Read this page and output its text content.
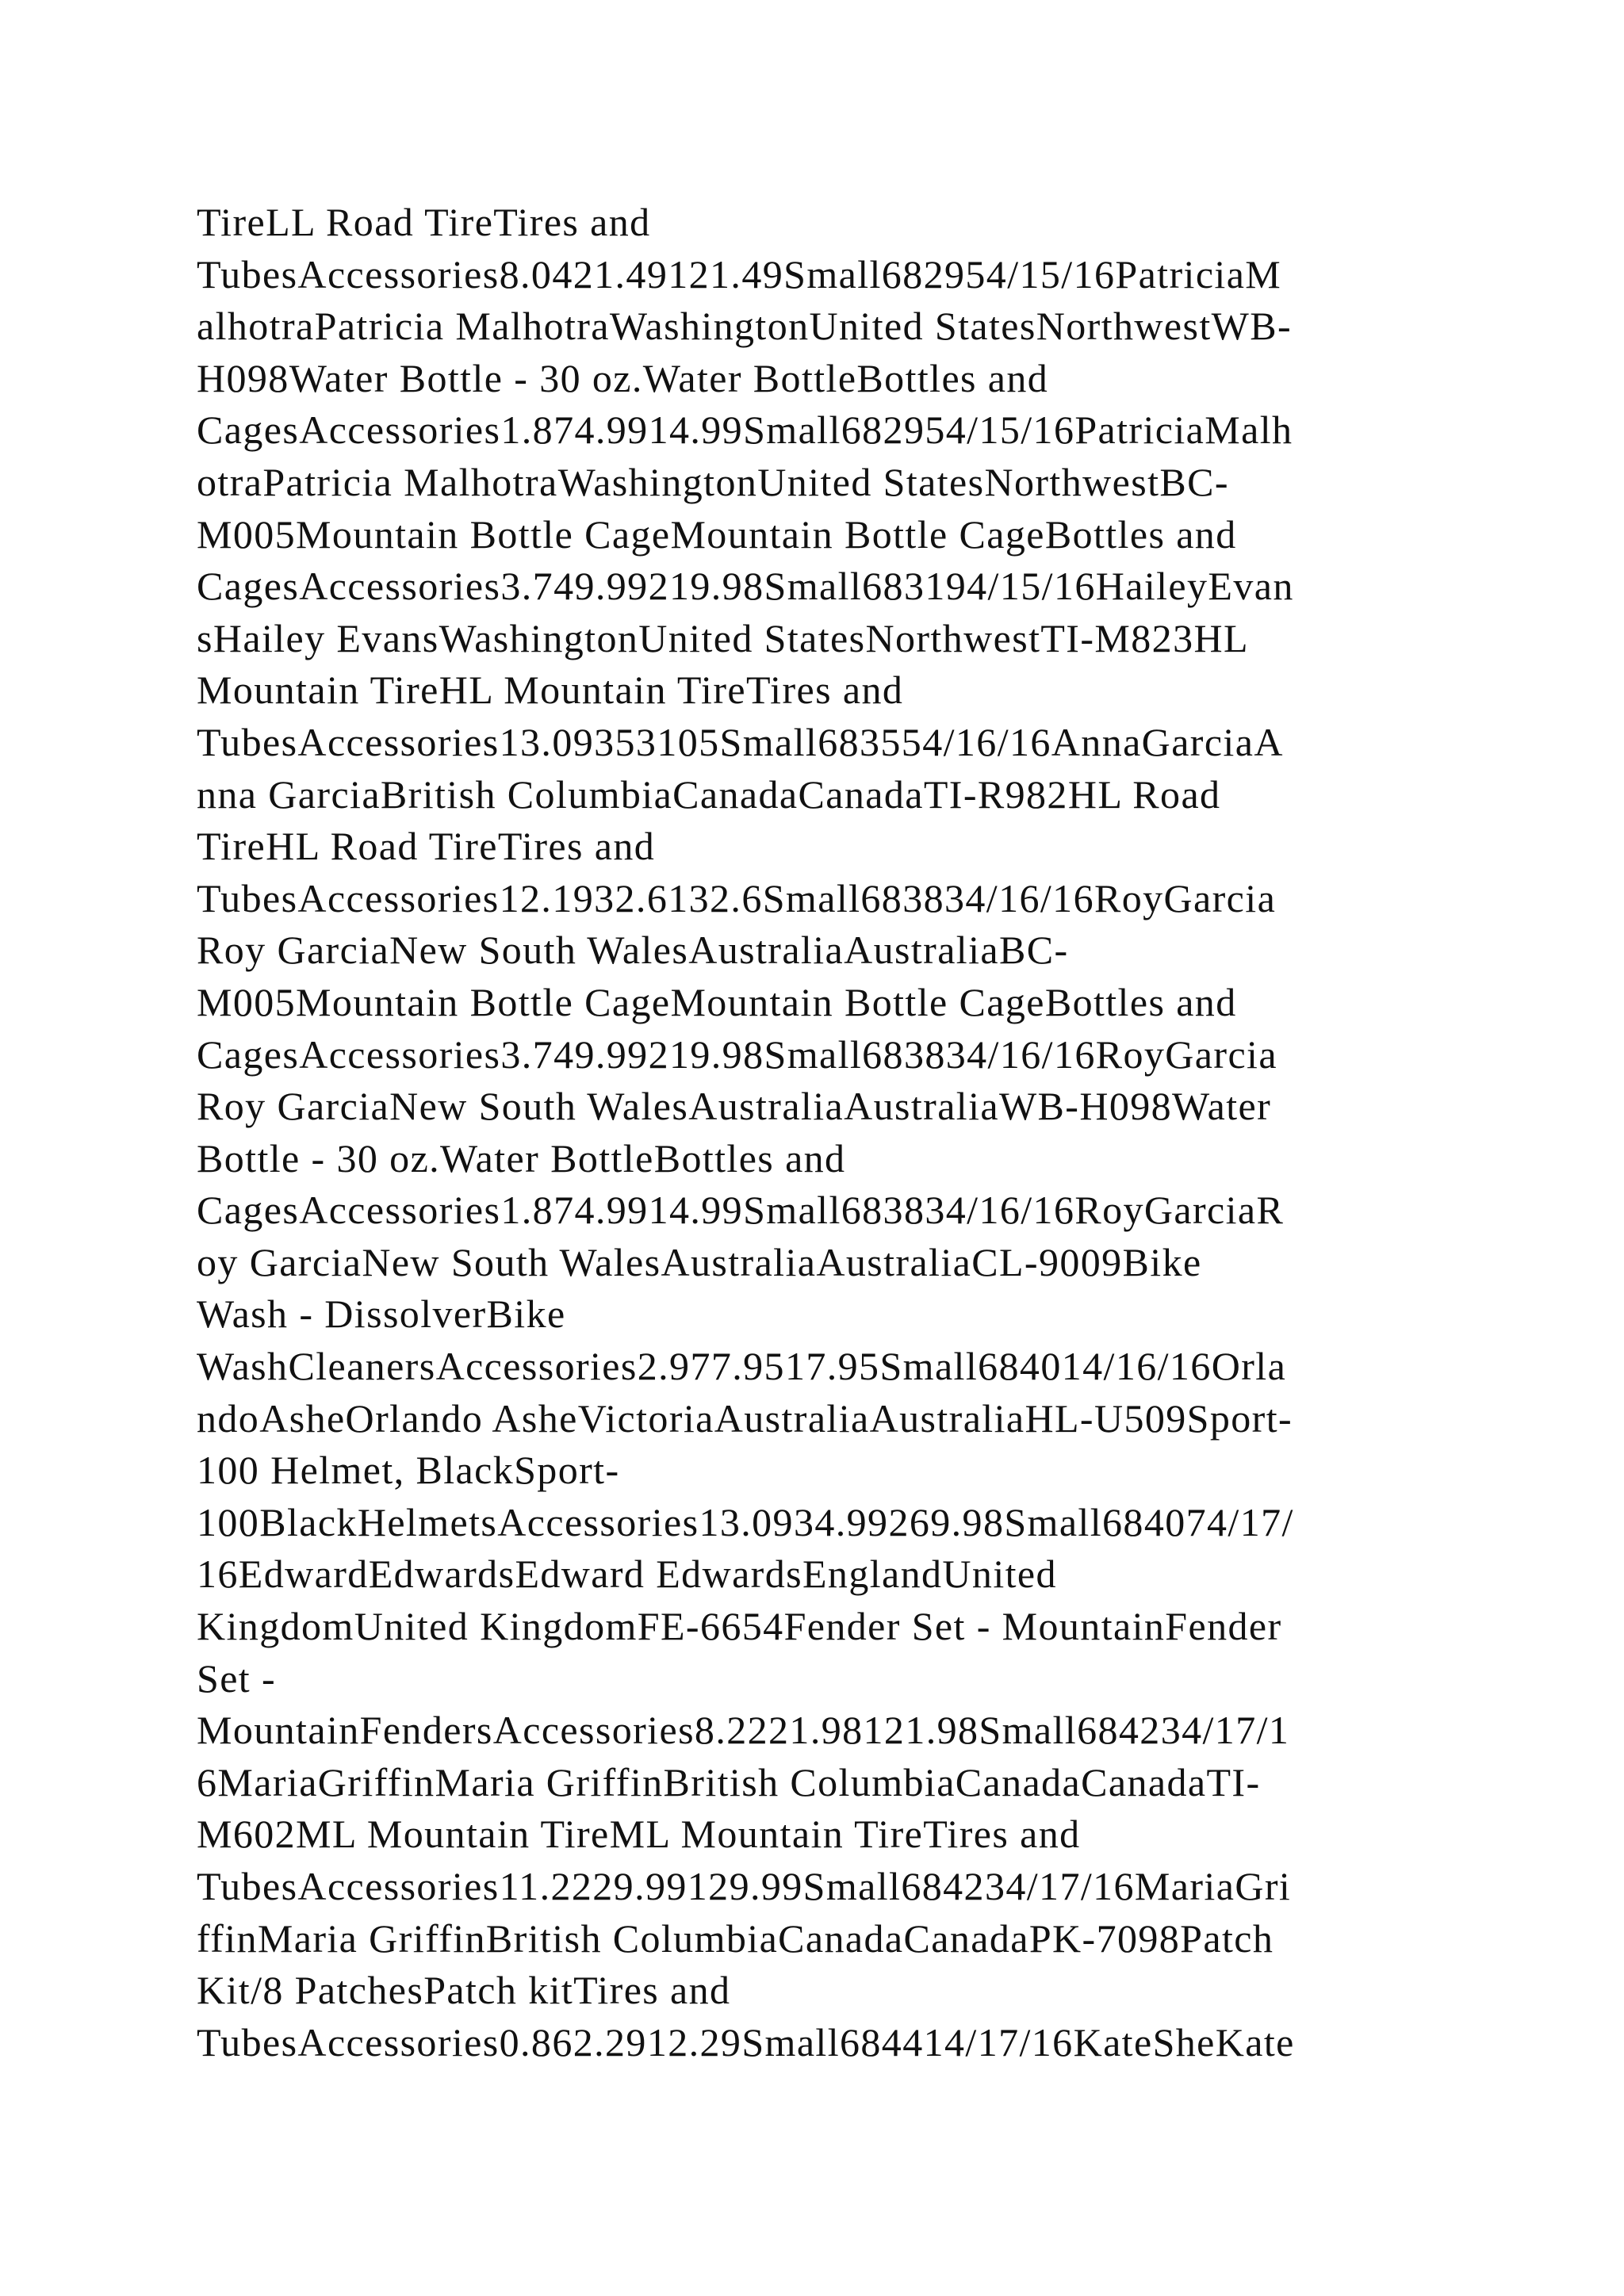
TireLL Road TireTires and
TubesAccessories8.0421.49121.49Small682954/15/16PatriciaM
alhotraPatricia MalhotraWashingtonUnited StatesNorthwestWB-
H098Water Bottle - 30 oz.Water BottleBottles and
CagesAccessories1.874.9914.99Small682954/15/16PatriciaMalh
otraPatricia MalhotraWashingtonUnited StatesNorthwestBC-
M005Mountain Bottle CageMountain Bottle CageBottles and
CagesAccessories3.749.99219.98Small683194/15/16HaileyEvan
sHailey EvansWashingtonUnited StatesNorthwestTI-M823HL
Mountain TireHL Mountain TireTires and
TubesAccessories13.09353105Small683554/16/16AnnaGarciaA
nna GarciaBritish ColumbiaCanadaCanadaTI-R982HL Road
TireHL Road TireTires and
TubesAccessories12.1932.6132.6Small683834/16/16RoyGarcia
Roy GarciaNew South WalesAustraliaAustraliaBC-
M005Mountain Bottle CageMountain Bottle CageBottles and
CagesAccessories3.749.99219.98Small683834/16/16RoyGarcia
Roy GarciaNew South WalesAustraliaAustraliaWB-H098Water
Bottle - 30 oz.Water BottleBottles and
CagesAccessories1.874.9914.99Small683834/16/16RoyGarciaR
oy GarciaNew South WalesAustraliaAustraliaCL-9009Bike
Wash - DissolverBike
WashCleanersAccessories2.977.9517.95Small684014/16/16Orla
ndoAsheOrlando AsheVictoriaAustraliaAustraliaHL-U509Sport-
100 Helmet, BlackSport-
100BlackHelmetsAccessories13.0934.99269.98Small684074/17/
16EdwardEdwardsEdward EdwardsEnglandUnited
KingdomUnited KingdomFE-6654Fender Set - MountainFender
Set -
MountainFendersAccessories8.2221.98121.98Small684234/17/1
6MariaGriffinMaria GriffinBritish ColumbiaCanadaCanadaTI-
M602ML Mountain TireML Mountain TireTires and
TubesAccessories11.2229.99129.99Small684234/17/16MariaGri
ffinMaria GriffinBritish ColumbiaCanadaCanadaPK-7098Patch
Kit/8 PatchesPatch kitTires and
TubesAccessories0.862.2912.29Small684414/17/16KateSheKate
